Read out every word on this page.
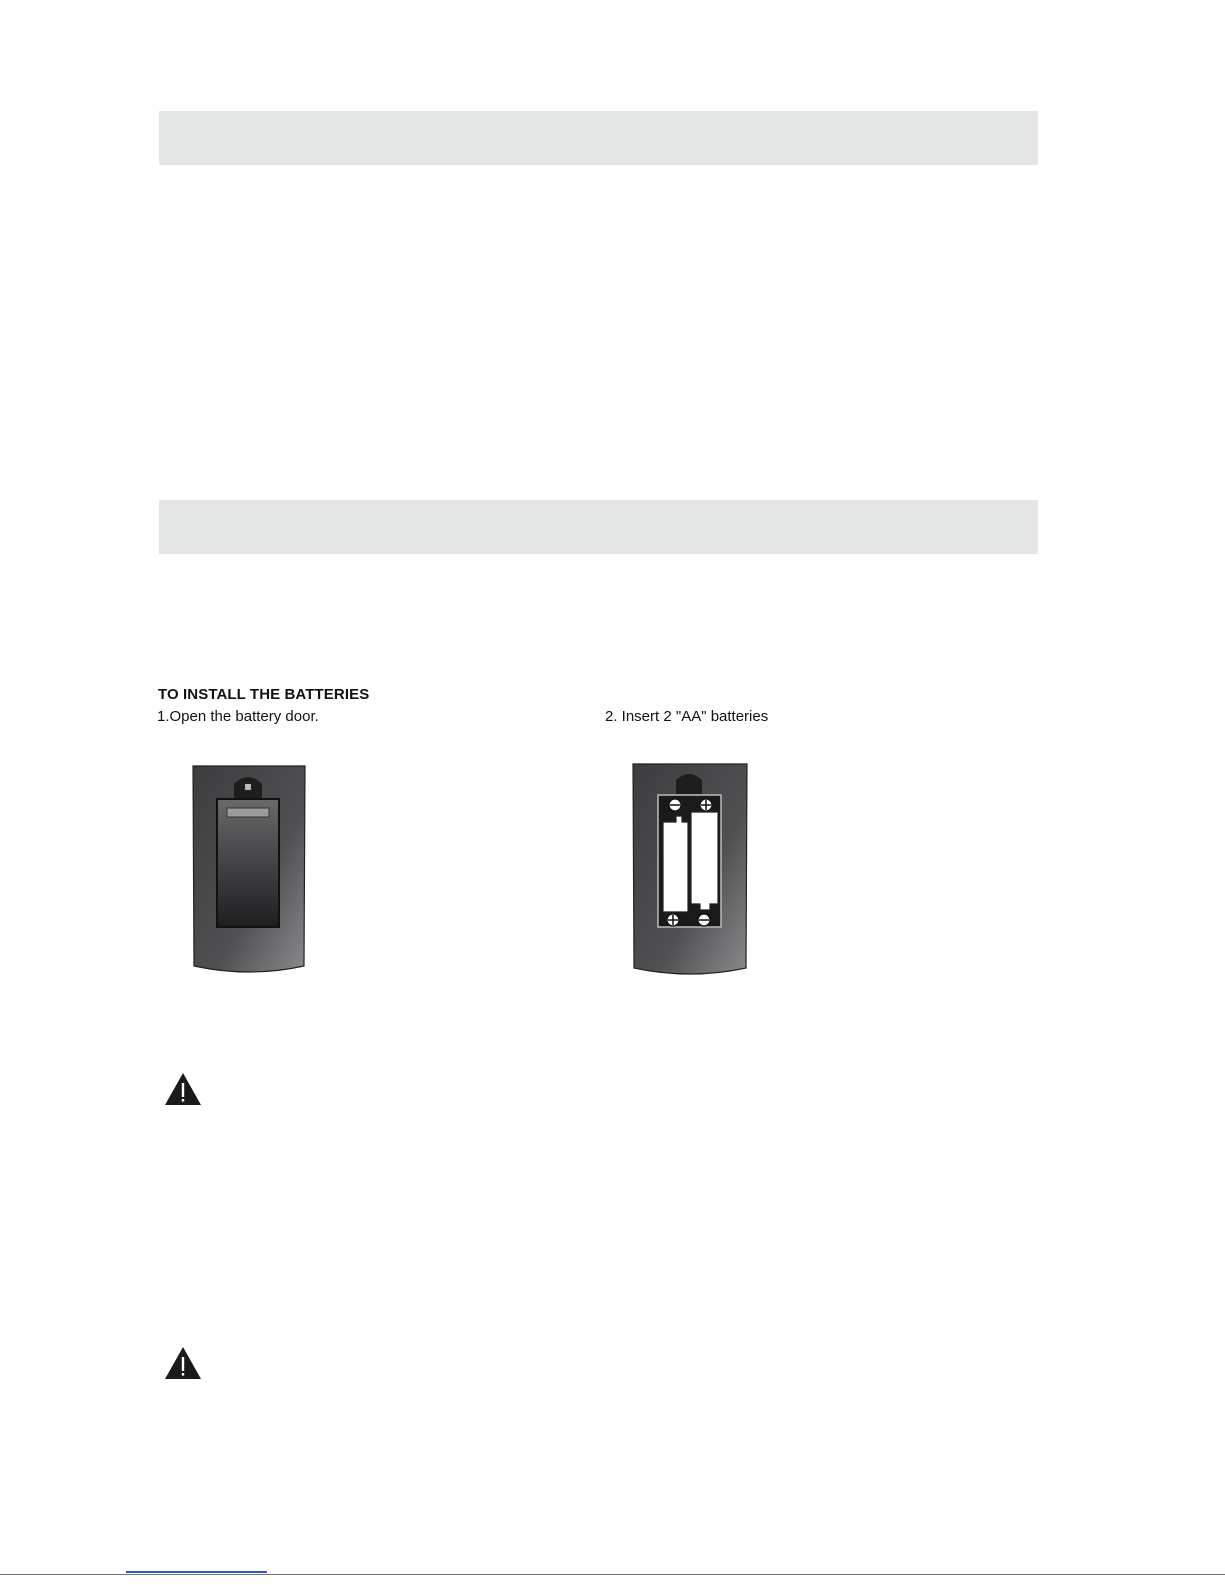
TO INSTALL THE BATTERIES
1.Open the battery door.	2. Insert 2 "AA" batteries
